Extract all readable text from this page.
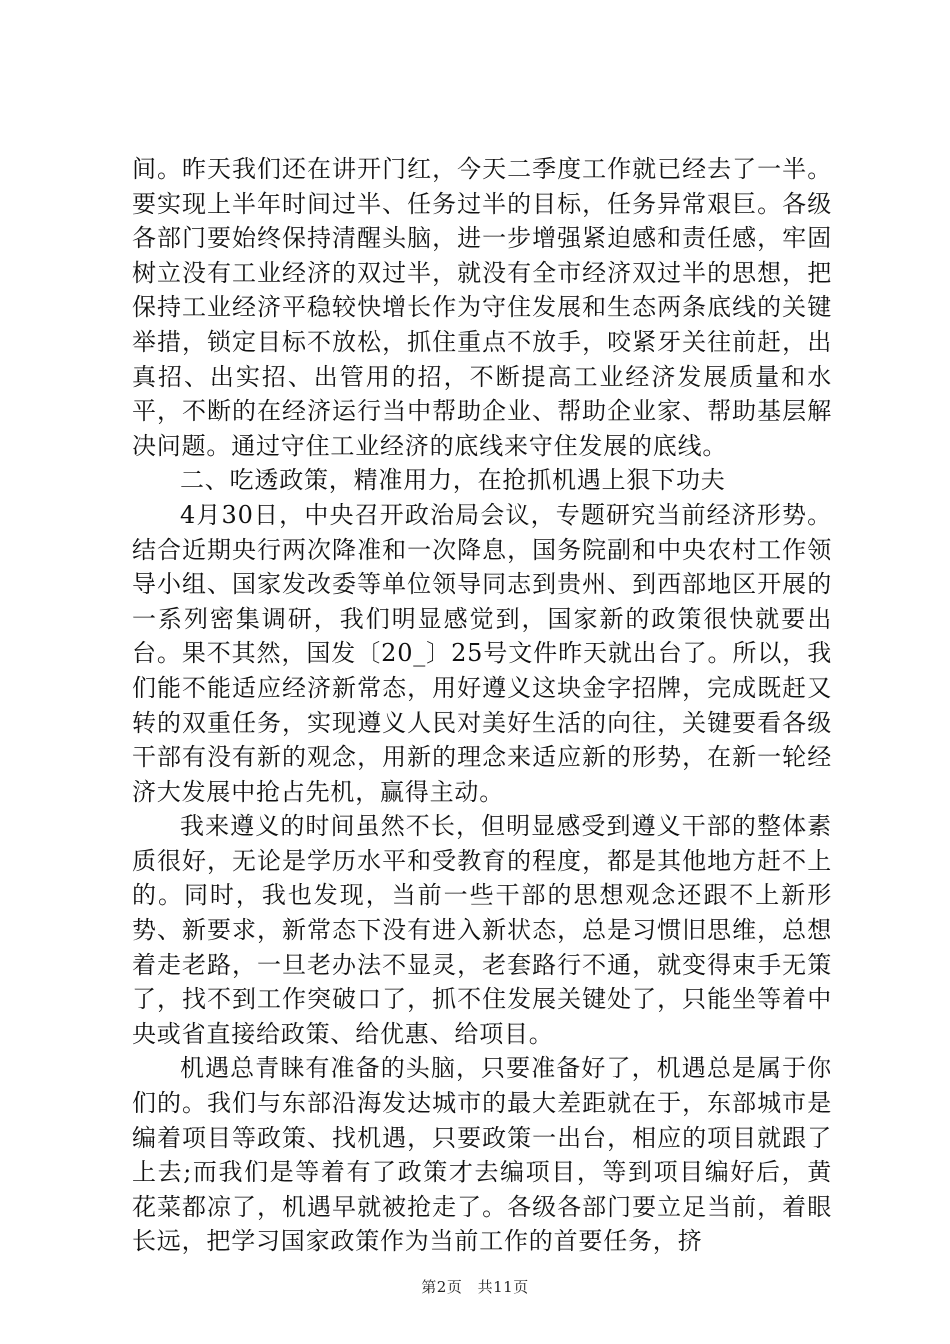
间。昨天我们还在讲开门红，今天二季度工作就已经去了一半。要实现上半年时间过半、任务过半的目标，任务异常艰巨。各级各部门要始终保持清醒头脑，进一步增强紧迫感和责任感，牢固树立没有工业经济的双过半，就没有全市经济双过半的思想，把保持工业经济平稳较快增长作为守住发展和生态两条底线的关键举措，锁定目标不放松，抓住重点不放手，咬紧牙关往前赶，出真招、出实招、出管用的招，不断提高工业经济发展质量和水平，不断的在经济运行当中帮助企业、帮助企业家、帮助基层解决问题。通过守住工业经济的底线来守住发展的底线。

二、吃透政策，精准用力，在抢抓机遇上狠下功夫

4月30日，中央召开政治局会议，专题研究当前经济形势。结合近期央行两次降准和一次降息，国务院副和中央农村工作领导小组、国家发改委等单位领导同志到贵州、到西部地区开展的一系列密集调研，我们明显感觉到，国家新的政策很快就要出台。果不其然，国发〔20_〕25号文件昨天就出台了。所以，我们能不能适应经济新常态，用好遵义这块金字招牌，完成既赶又转的双重任务，实现遵义人民对美好生活的向往，关键要看各级干部有没有新的观念，用新的理念来适应新的形势，在新一轮经济大发展中抢占先机，赢得主动。

我来遵义的时间虽然不长，但明显感受到遵义干部的整体素质很好，无论是学历水平和受教育的程度，都是其他地方赶不上的。同时，我也发现，当前一些干部的思想观念还跟不上新形势、新要求，新常态下没有进入新状态，总是习惯旧思维，总想着走老路，一旦老办法不显灵，老套路行不通，就变得束手无策了，找不到工作突破口了，抓不住发展关键处了，只能坐等着中央或省直接给政策、给优惠、给项目。

机遇总青睐有准备的头脑，只要准备好了，机遇总是属于你们的。我们与东部沿海发达城市的最大差距就在于，东部城市是编着项目等政策、找机遇，只要政策一出台，相应的项目就跟了上去;而我们是等着有了政策才去编项目，等到项目编好后，黄花菜都凉了，机遇早就被抢走了。各级各部门要立足当前，着眼长远，把学习国家政策作为当前工作的首要任务，挤

第2页 共11页
